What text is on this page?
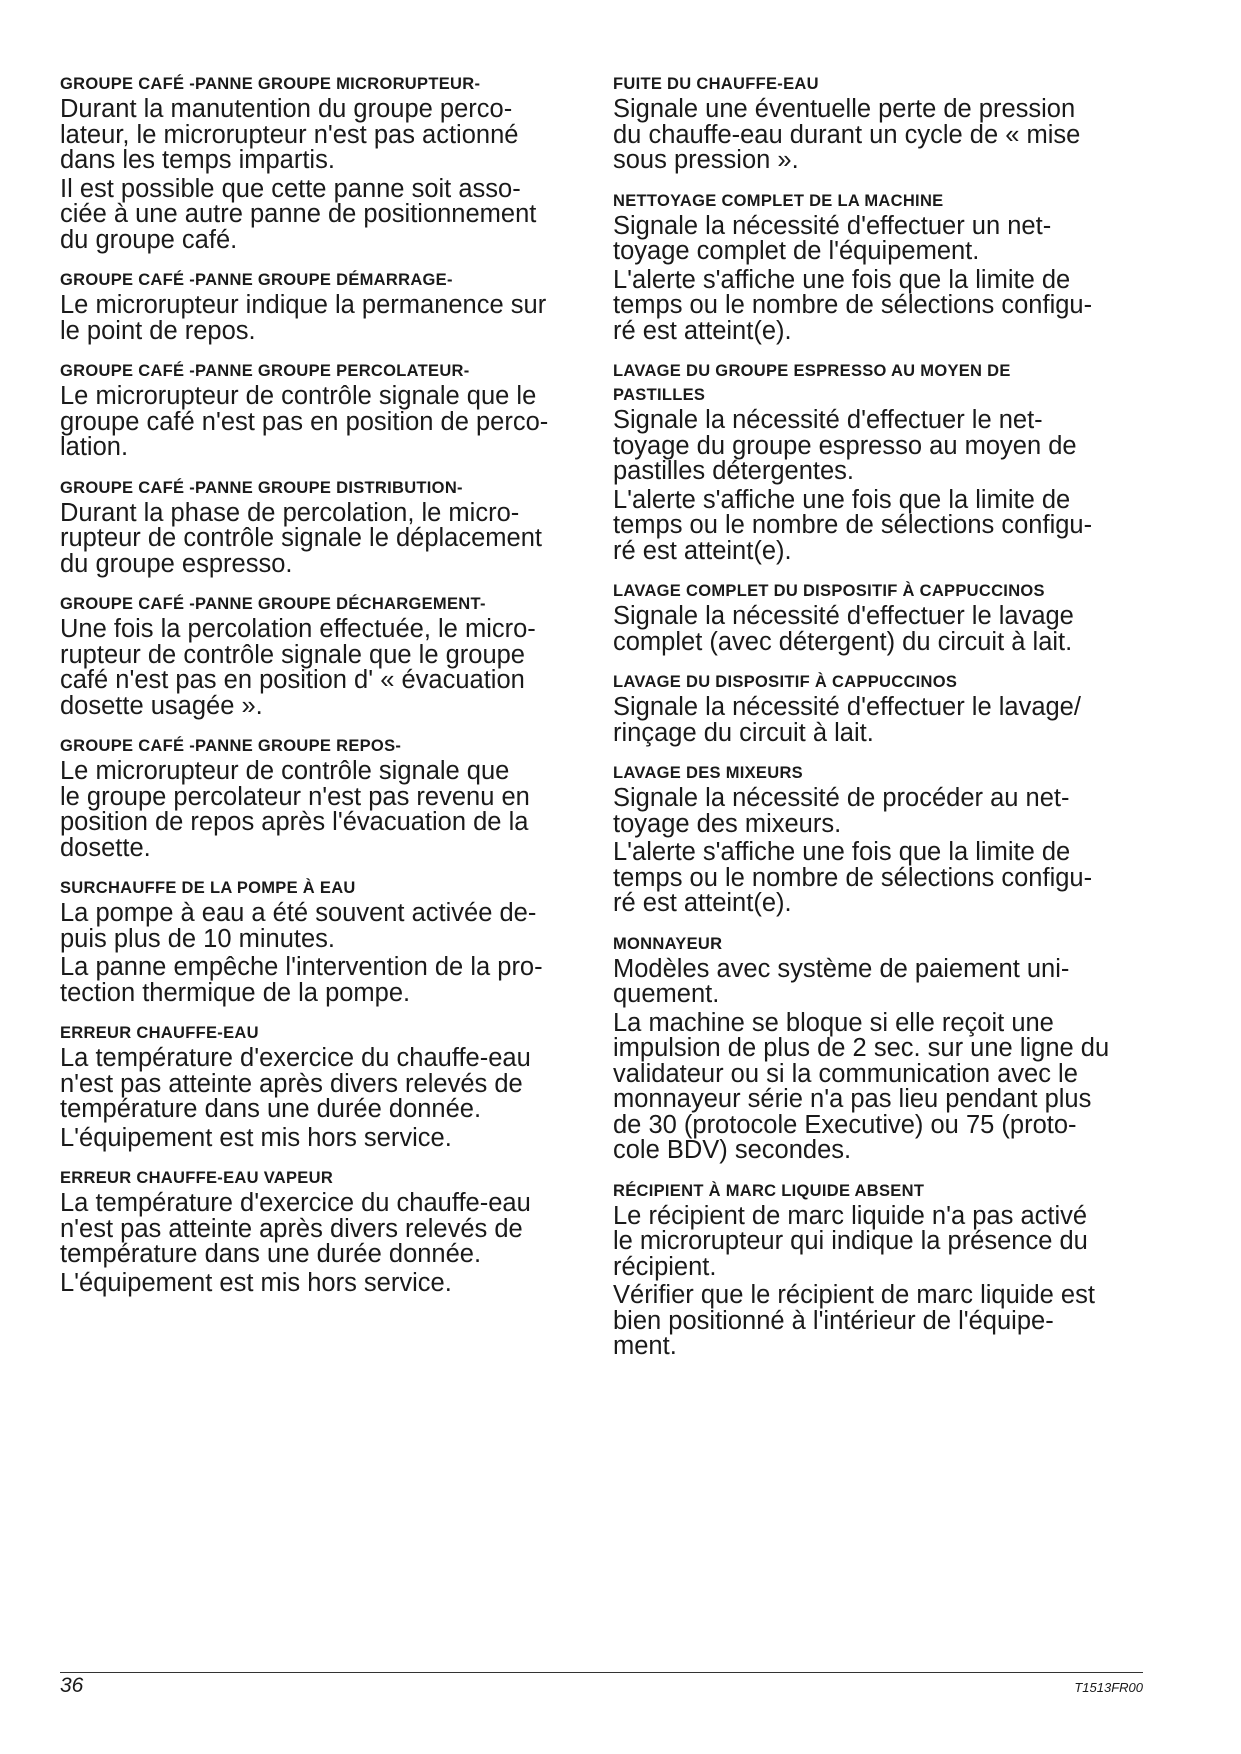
GROUPE CAFÉ -PANNE GROUPE MICRORUPTEUR-
Durant la manutention du groupe perco-
lateur, le microrupteur n'est pas actionné
dans les temps impartis.
Il est possible que cette panne soit asso-
ciée à une autre panne de positionnement
du groupe café.
GROUPE CAFÉ -PANNE GROUPE DÉMARRAGE-
Le microrupteur indique la permanence sur
le point de repos.
GROUPE CAFÉ -PANNE GROUPE PERCOLATEUR-
Le microrupteur de contrôle signale que le
groupe café n'est pas en position de perco-
lation.
GROUPE CAFÉ -PANNE GROUPE DISTRIBUTION-
Durant la phase de percolation, le micro-
rupteur de contrôle signale le déplacement
du groupe espresso.
GROUPE CAFÉ -PANNE GROUPE DÉCHARGEMENT-
Une fois la percolation effectuée, le micro-
rupteur de contrôle signale que le groupe
café n'est pas en position d' « évacuation
dosette usagée ».
GROUPE CAFÉ -PANNE GROUPE REPOS-
Le microrupteur de contrôle signale que
le groupe percolateur n'est pas revenu en
position de repos après l'évacuation de la
dosette.
SURCHAUFFE DE LA POMPE À EAU
La pompe à eau a été souvent activée de-
puis plus de 10 minutes.
La panne empêche l'intervention de la pro-
tection thermique de la pompe.
ERREUR CHAUFFE-EAU
La température d'exercice du chauffe-eau
n'est pas atteinte après divers relevés de
température dans une durée donnée.
L'équipement est mis hors service.
ERREUR CHAUFFE-EAU VAPEUR
La température d'exercice du chauffe-eau
n'est pas atteinte après divers relevés de
température dans une durée donnée.
L'équipement est mis hors service.
FUITE DU CHAUFFE-EAU
Signale une éventuelle perte de pression
du chauffe-eau durant un cycle de « mise
sous pression ».
NETTOYAGE COMPLET DE LA MACHINE
Signale la nécessité d'effectuer un net-
toyage complet de l'équipement.
L'alerte s'affiche une fois que la limite de
temps ou le nombre de sélections configu-
ré est atteint(e).
LAVAGE DU GROUPE ESPRESSO AU MOYEN DE
PASTILLES
Signale la nécessité d'effectuer le net-
toyage du groupe espresso au moyen de
pastilles détergentes.
L'alerte s'affiche une fois que la limite de
temps ou le nombre de sélections configu-
ré est atteint(e).
LAVAGE COMPLET DU DISPOSITIF À CAPPUCCINOS
Signale la nécessité d'effectuer le lavage
complet (avec détergent) du circuit à lait.
LAVAGE DU DISPOSITIF À CAPPUCCINOS
Signale la nécessité d'effectuer le lavage/
rinçage du circuit à lait.
LAVAGE DES MIXEURS
Signale la nécessité de procéder au net-
toyage des mixeurs.
L'alerte s'affiche une fois que la limite de
temps ou le nombre de sélections configu-
ré est atteint(e).
MONNAYEUR
Modèles avec système de paiement uni-
quement.
La machine se bloque si elle reçoit une
impulsion de plus de 2 sec. sur une ligne du
validateur ou si la communication avec le
monnayeur série n'a pas lieu pendant plus
de 30 (protocole Executive) ou 75 (proto-
cole BDV) secondes.
RÉCIPIENT À MARC LIQUIDE ABSENT
Le récipient de marc liquide n'a pas activé
le microrupteur qui indique la présence du
récipient.
Vérifier que le récipient de marc liquide est
bien positionné à l'intérieur de l'équipe-
ment.
36	T1513FR00
